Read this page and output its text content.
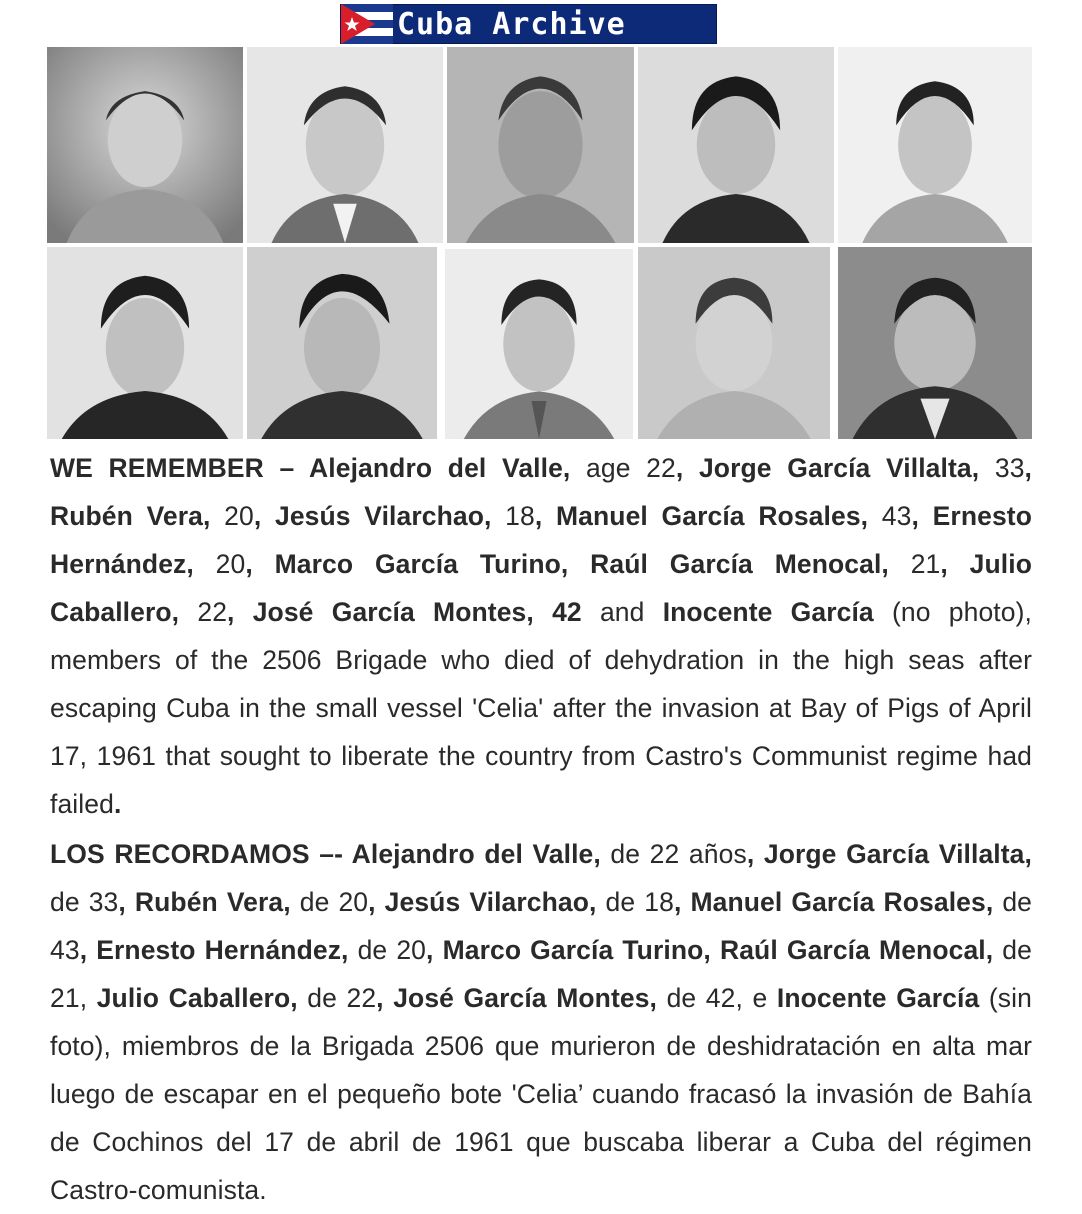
Cuba Archive

WE REMEMBER – Alejandro del Valle, age 22, Jorge García Villalta, 33, Rubén Vera, 20, Jesús Vilarchao, 18, Manuel García Rosales, 43, Ernesto Hernández, 20, Marco García Turino, Raúl García Menocal, 21, Julio Caballero, 22, José García Montes, 42 and Inocente García (no photo), members of the 2506 Brigade who died of dehydration in the high seas after escaping Cuba in the small vessel 'Celia' after the invasion at Bay of Pigs of April 17, 1961 that sought to liberate the country from Castro's Communist regime had failed.

LOS RECORDAMOS –- Alejandro del Valle, de 22 años, Jorge García Villalta, de 33, Rubén Vera, de 20, Jesús Vilarchao, de 18, Manuel García Rosales, de 43, Ernesto Hernández, de 20, Marco García Turino, Raúl García Menocal, de 21, Julio Caballero, de 22, José García Montes, de 42, e Inocente García (sin foto), miembros de la Brigada 2506 que murieron de deshidratación en alta mar luego de escapar en el pequeño bote 'Celia’ cuando fracasó la invasión de Bahía de Cochinos del 17 de abril de 1961 que buscaba liberar a Cuba del régimen Castro-comunista.
